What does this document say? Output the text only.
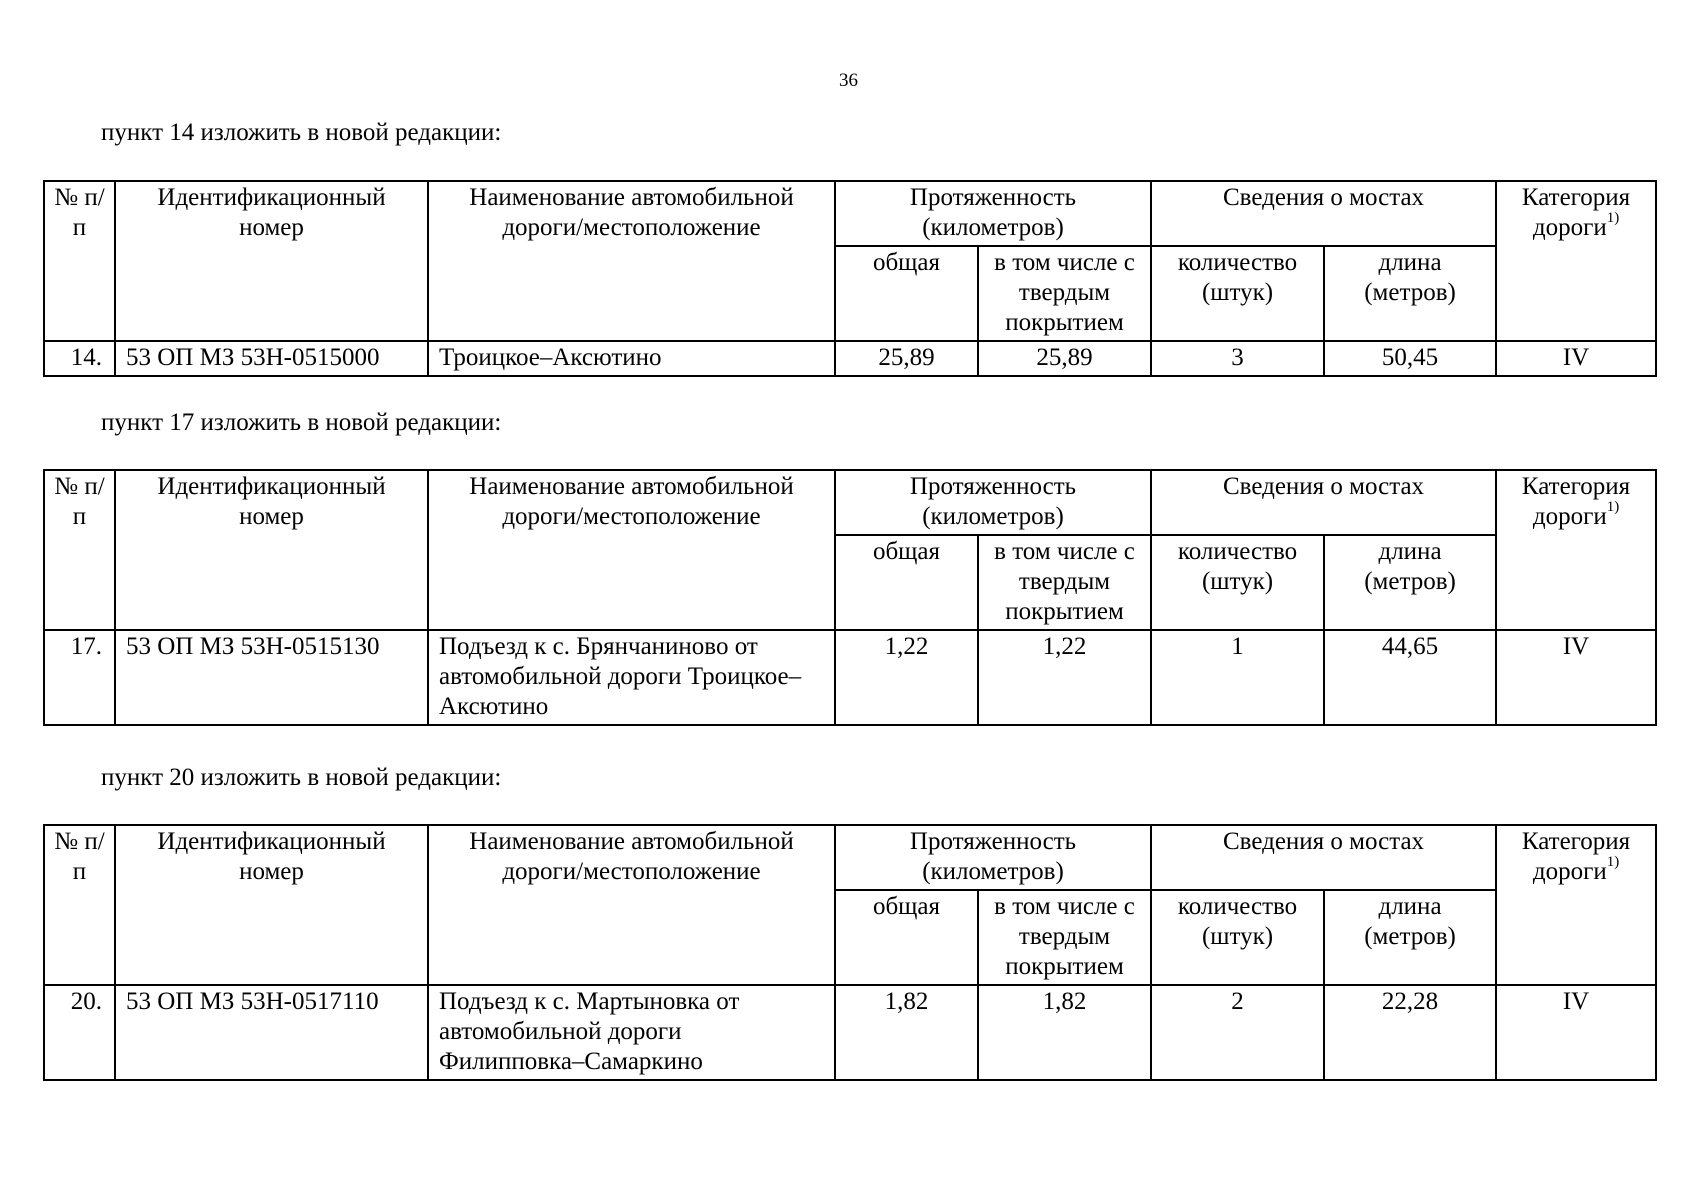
36
пункт 14 изложить в новой редакции:
№ п/п	Идентификационный номер	Наименование автомобильной дороги/местоположение	Протяженность (километров)		Сведения о мостах		Категория дороги$^{1)}$
			общая	в том числе с твердым покрытием	количество (штук)	длина (метров)	
14.	53 ОП МЗ 53Н-0515000	Троицкое–Аксютино	25,89	25,89	3	50,45	IV
пункт 17 изложить в новой редакции:
№ п/п	Идентификационный номер	Наименование автомобильной дороги/местоположение	Протяженность (километров)		Сведения о мостах		Категория дороги$^{1)}$
			общая	в том числе с твердым покрытием	количество (штук)	длина (метров)	
17.	53 ОП МЗ 53Н-0515130	Подъезд к с. Брянчаниново от автомобильной дороги Троицкое–Аксютино	1,22	1,22	1	44,65	IV
пункт 20 изложить в новой редакции:
№ п/п	Идентификационный номер	Наименование автомобильной дороги/местоположение	Протяженность (километров)		Сведения о мостах		Категория дороги$^{1)}$
			общая	в том числе с твердым покрытием	количество (штук)	длина (метров)	
20.	53 ОП МЗ 53Н-0517110	Подъезд к с. Мартыновка от автомобильной дороги Филипповка–Самаркино	1,82	1,82	2	22,28	IV
